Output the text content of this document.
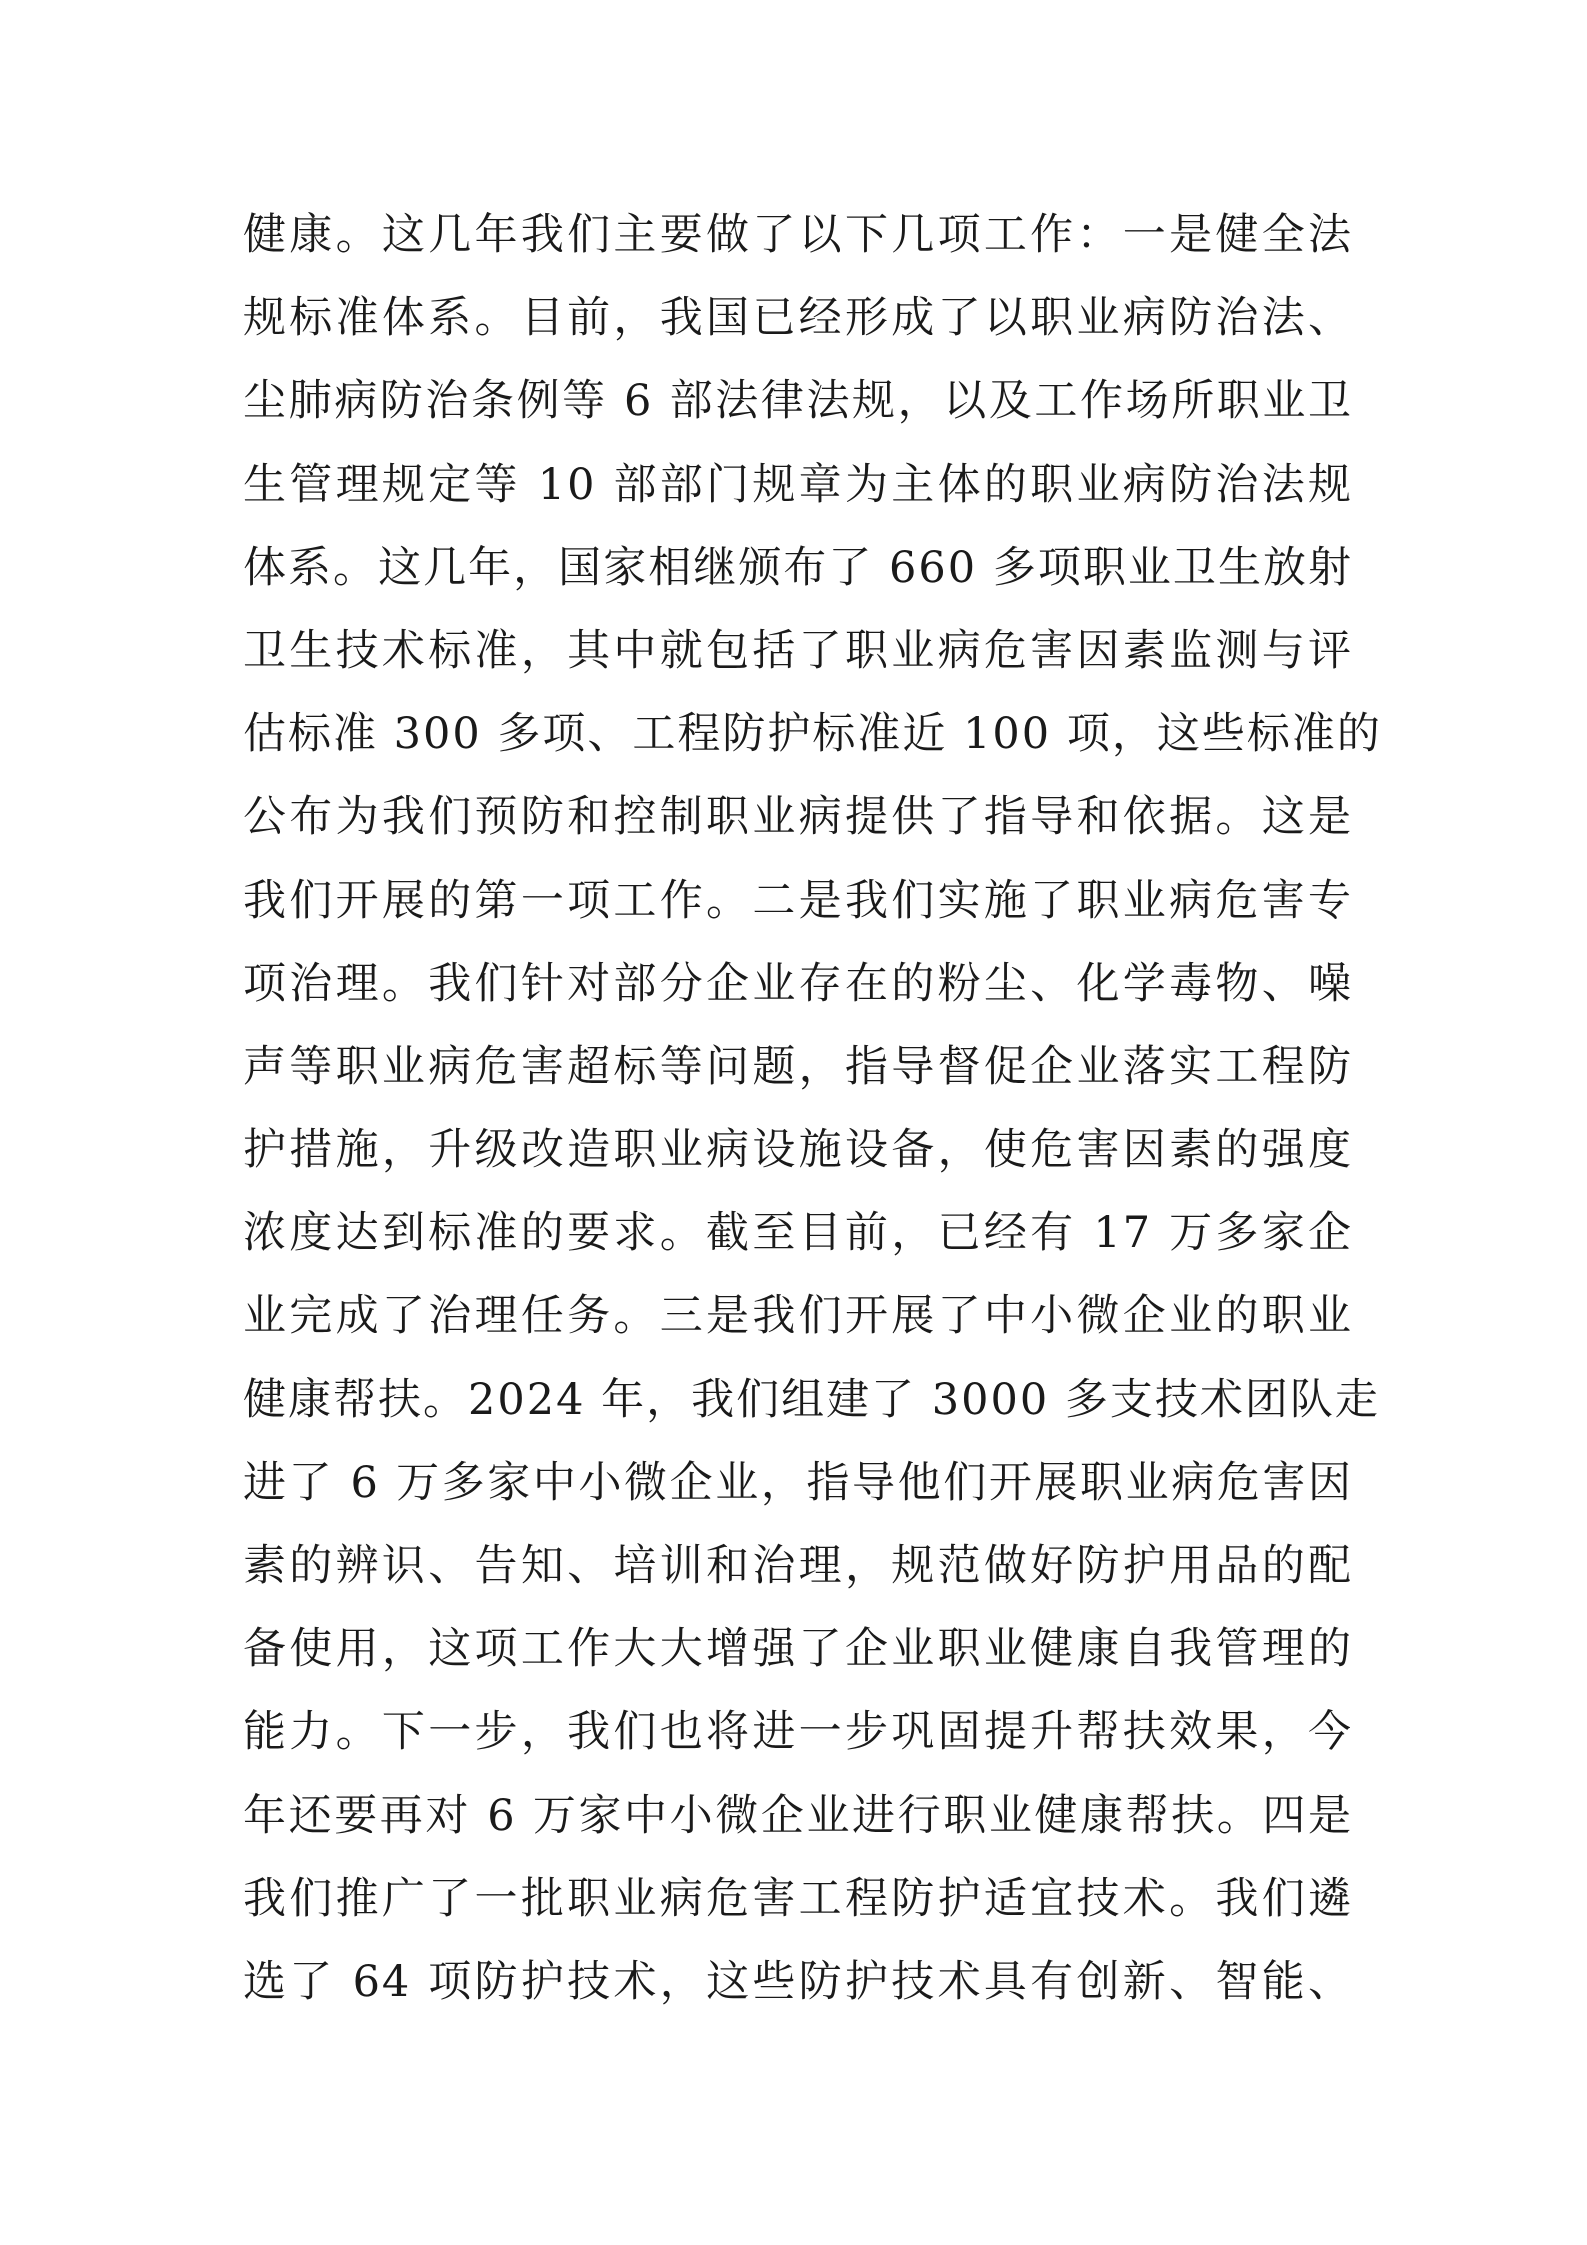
健康。这几年我们主要做了以下几项工作：一是健全法
规标准体系。目前，我国已经形成了以职业病防治法、
尘肺病防治条例等 6 部法律法规，以及工作场所职业卫
生管理规定等 10 部部门规章为主体的职业病防治法规
体系。这几年，国家相继颁布了 660 多项职业卫生放射
卫生技术标准，其中就包括了职业病危害因素监测与评
估标准 300 多项、工程防护标准近 100 项，这些标准的
公布为我们预防和控制职业病提供了指导和依据。这是
我们开展的第一项工作。二是我们实施了职业病危害专
项治理。我们针对部分企业存在的粉尘、化学毒物、噪
声等职业病危害超标等问题，指导督促企业落实工程防
护措施，升级改造职业病设施设备，使危害因素的强度
浓度达到标准的要求。截至目前，已经有 17 万多家企
业完成了治理任务。三是我们开展了中小微企业的职业
健康帮扶。2024 年，我们组建了 3000 多支技术团队走
进了 6 万多家中小微企业，指导他们开展职业病危害因
素的辨识、告知、培训和治理，规范做好防护用品的配
备使用，这项工作大大增强了企业职业健康自我管理的
能力。下一步，我们也将进一步巩固提升帮扶效果，今
年还要再对 6 万家中小微企业进行职业健康帮扶。四是
我们推广了一批职业病危害工程防护适宜技术。我们遴
选了 64 项防护技术，这些防护技术具有创新、智能、
